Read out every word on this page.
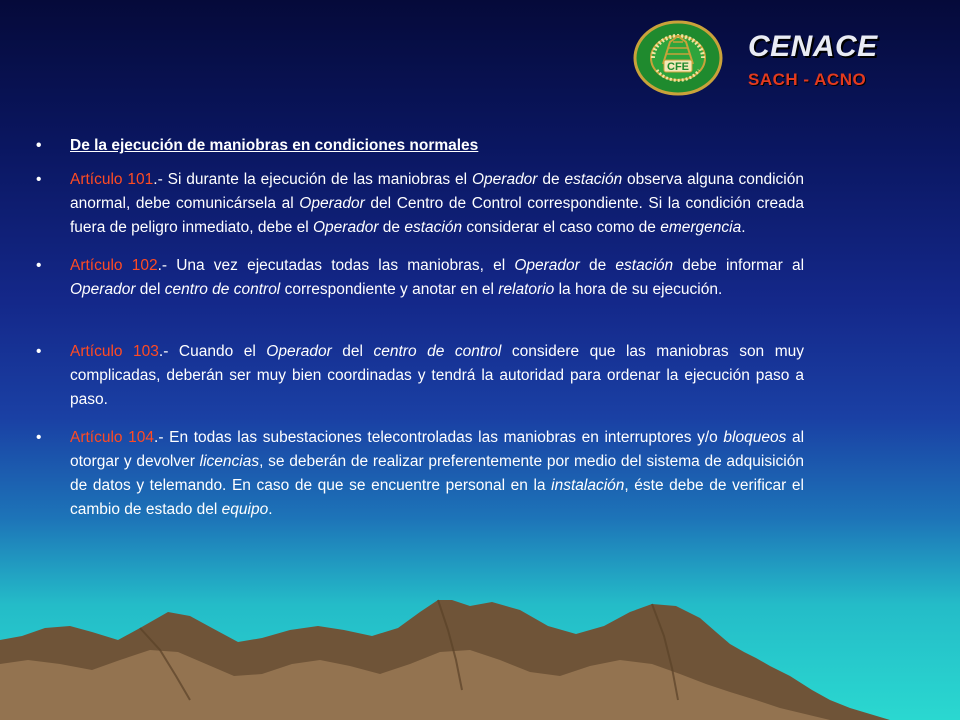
CFE
CENACE
SACH - ACNO
• De la ejecución de maniobras en condiciones normales
• Artículo 101.- Si durante la ejecución de las maniobras el Operador de estación observa alguna condición anormal, debe comunicársela al Operador del Centro de Control correspondiente. Si la condición creada fuera de peligro inmediato, debe el Operador de estación considerar el caso como de emergencia.
• Artículo 102.- Una vez ejecutadas todas las maniobras, el Operador de estación debe informar al Operador del centro de control correspondiente y anotar en el relatorio la hora de su ejecución.
• Artículo 103.- Cuando el Operador del centro de control considere que las maniobras son muy complicadas, deberán ser muy bien coordinadas y tendrá la autoridad para ordenar la ejecución paso a paso.
• Artículo 104.- En todas las subestaciones telecontroladas las maniobras en interruptores y/o bloqueos al otorgar y devolver licencias, se deberán de realizar preferentemente por medio del sistema de adquisición de datos y telemando. En caso de que se encuentre personal en la instalación, éste debe de verificar el cambio de estado del equipo.
